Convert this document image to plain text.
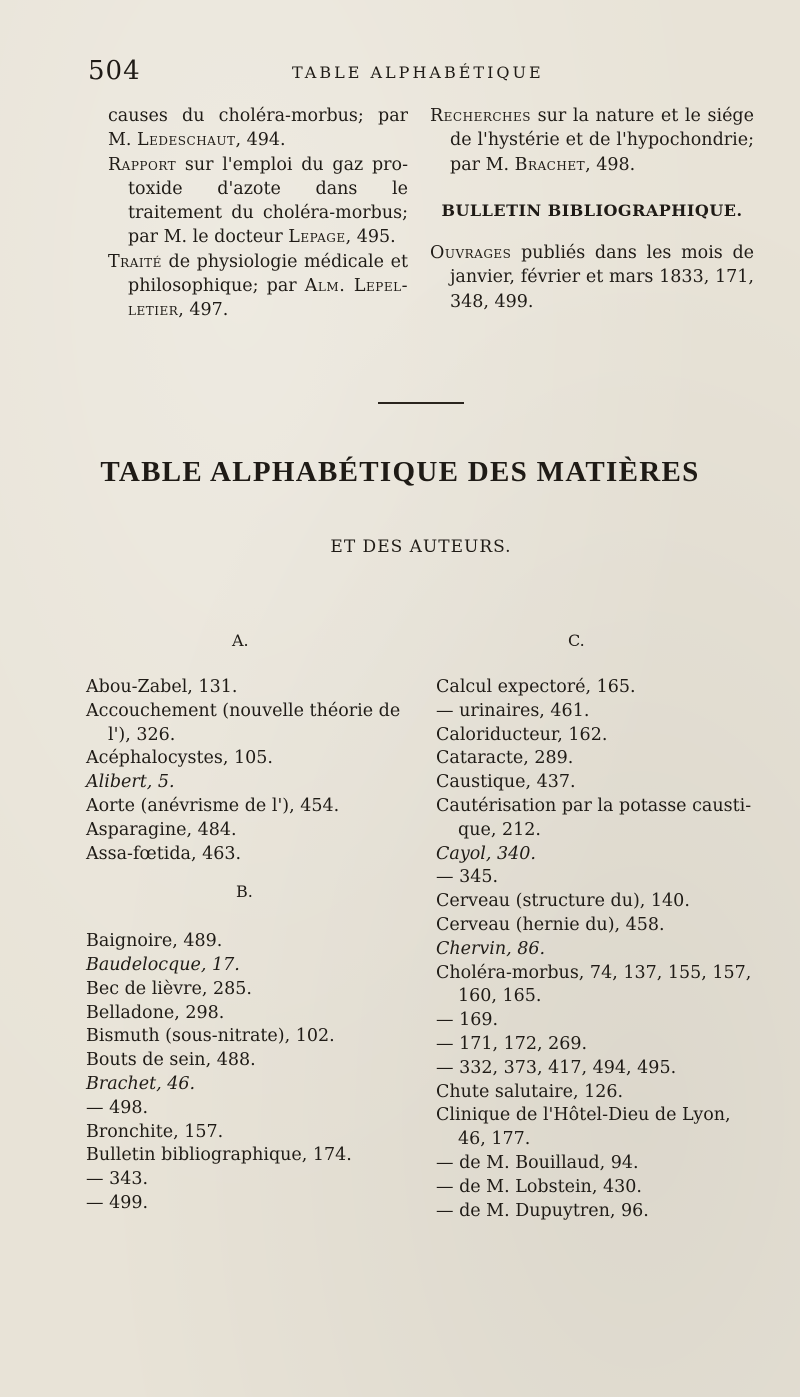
504	TABLE ALPHABÉTIQUE

causes du choléra-morbus; par M. Ledeschaut, 494.

Rapport sur l'emploi du gaz pro-toxide d'azote dans le traitement du choléra-morbus; par M. le docteur Lepage, 495.

Traité de physiologie médicale et philosophique; par Alm. Lepel-letier, 497.

Recherches sur la nature et le siége de l'hystérie et de l'hypochondrie; par M. Brachet, 498.

BULLETIN BIBLIOGRAPHIQUE.

Ouvrages publiés dans les mois de janvier, février et mars 1833, 171, 348, 499.

TABLE ALPHABÉTIQUE DES MATIÈRES
ET DES AUTEURS.
A.	C.
Abou-Zabel, 131.
Accouchement (nouvelle théorie de l'), 326.
Acéphalocystes, 105.
Alibert, 5.
Aorte (anévrisme de l'), 454.
Asparagine, 484.
Assa-fœtida, 463.
B.
Baignoire, 489.
Baudelocque, 17.
Bec de lièvre, 285.
Belladone, 298.
Bismuth (sous-nitrate), 102.
Bouts de sein, 488.
Brachet, 46.
— 498.
Bronchite, 157.
Bulletin bibliographique, 174.
— 343.
— 499.
Calcul expectoré, 165.
— urinaires, 461.
Caloriducteur, 162.
Cataracte, 289.
Caustique, 437.
Cautérisation par la potasse causti-que, 212.
Cayol, 340.
— 345.
Cerveau (structure du), 140.
Cerveau (hernie du), 458.
Chervin, 86.
Choléra-morbus, 74, 137, 155, 157, 160, 165.
— 169.
— 171, 172, 269.
— 332, 373, 417, 494, 495.
Chute salutaire, 126.
Clinique de l'Hôtel-Dieu de Lyon, 46, 177.
— de M. Bouillaud, 94.
— de M. Lobstein, 430.
— de M. Dupuytren, 96.
